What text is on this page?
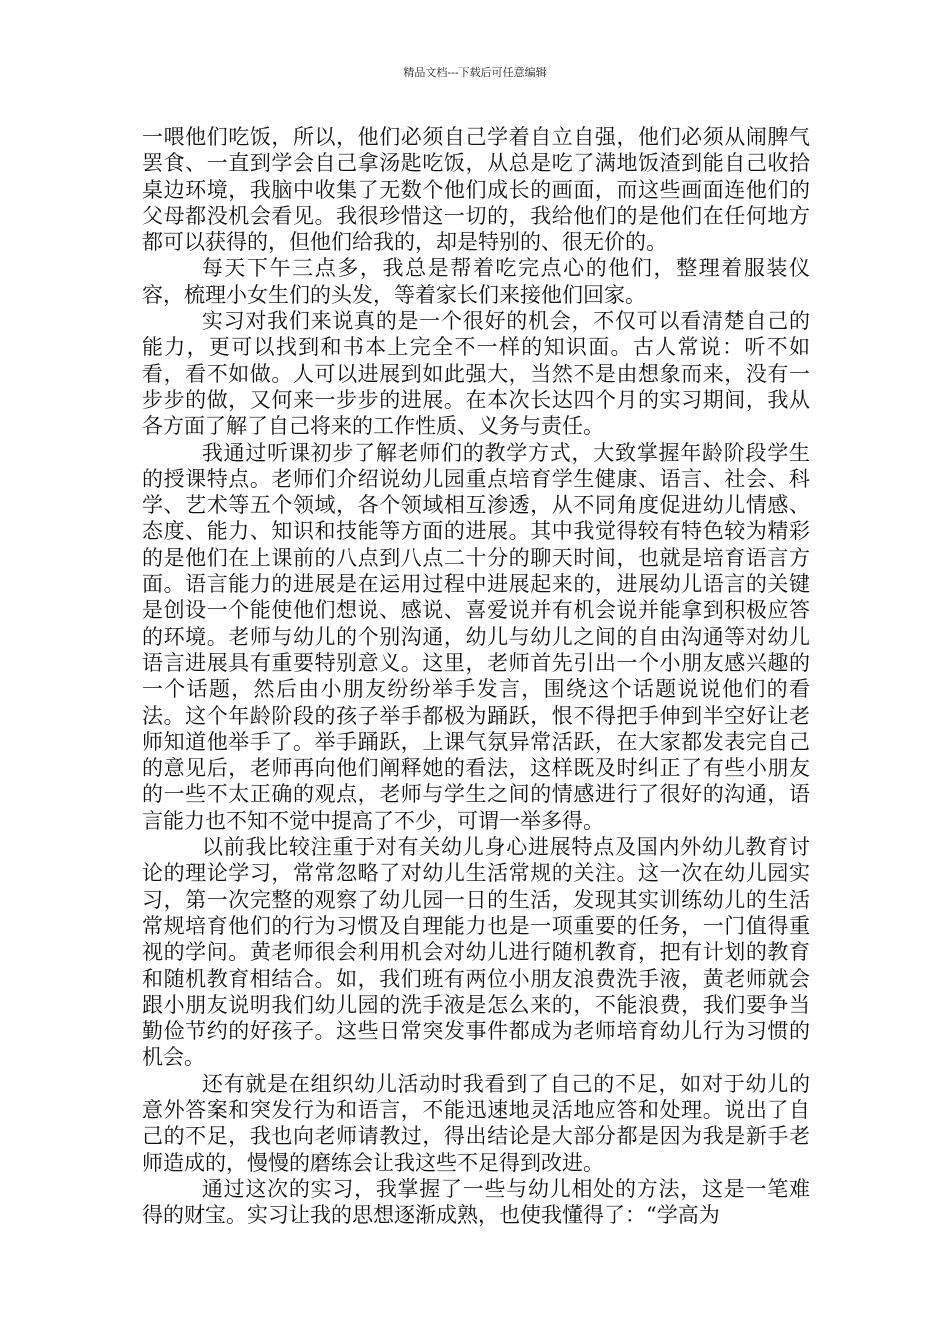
精品文档---下载后可任意编辑

一喂他们吃饭，所以，他们必须自己学着自立自强，他们必须从闹脾气罢食、一直到学会自己拿汤匙吃饭，从总是吃了满地饭渣到能自己收拾桌边环境，我脑中收集了无数个他们成长的画面，而这些画面连他们的父母都没机会看见。我很珍惜这一切的，我给他们的是他们在任何地方都可以获得的，但他们给我的，却是特别的、很无价的。

每天下午三点多，我总是帮着吃完点心的他们，整理着服装仪容，梳理小女生们的头发，等着家长们来接他们回家。

实习对我们来说真的是一个很好的机会，不仅可以看清楚自己的能力，更可以找到和书本上完全不一样的知识面。古人常说：听不如看，看不如做。人可以进展到如此强大，当然不是由想象而来，没有一步步的做，又何来一步步的进展。在本次长达四个月的实习期间，我从各方面了解了自己将来的工作性质、义务与责任。

我通过听课初步了解老师们的教学方式，大致掌握年龄阶段学生的授课特点。老师们介绍说幼儿园重点培育学生健康、语言、社会、科学、艺术等五个领域，各个领域相互渗透，从不同角度促进幼儿情感、态度、能力、知识和技能等方面的进展。其中我觉得较有特色较为精彩的是他们在上课前的八点到八点二十分的聊天时间，也就是培育语言方面。语言能力的进展是在运用过程中进展起来的，进展幼儿语言的关键是创设一个能使他们想说、感说、喜爱说并有机会说并能拿到积极应答的环境。老师与幼儿的个别沟通，幼儿与幼儿之间的自由沟通等对幼儿语言进展具有重要特别意义。这里，老师首先引出一个小朋友感兴趣的一个话题，然后由小朋友纷纷举手发言，围绕这个话题说说他们的看法。这个年龄阶段的孩子举手都极为踊跃，恨不得把手伸到半空好让老师知道他举手了。举手踊跃，上课气氛异常活跃，在大家都发表完自己的意见后，老师再向他们阐释她的看法，这样既及时纠正了有些小朋友的一些不太正确的观点，老师与学生之间的情感进行了很好的沟通，语言能力也不知不觉中提高了不少，可谓一举多得。

以前我比较注重于对有关幼儿身心进展特点及国内外幼儿教育讨论的理论学习，常常忽略了对幼儿生活常规的关注。这一次在幼儿园实习，第一次完整的观察了幼儿园一日的生活，发现其实训练幼儿的生活常规培育他们的行为习惯及自理能力也是一项重要的任务，一门值得重视的学问。黄老师很会利用机会对幼儿进行随机教育，把有计划的教育和随机教育相结合。如，我们班有两位小朋友浪费洗手液，黄老师就会跟小朋友说明我们幼儿园的洗手液是怎么来的，不能浪费，我们要争当勤俭节约的好孩子。这些日常突发事件都成为老师培育幼儿行为习惯的机会。

还有就是在组织幼儿活动时我看到了自己的不足，如对于幼儿的意外答案和突发行为和语言，不能迅速地灵活地应答和处理。说出了自己的不足，我也向老师请教过，得出结论是大部分都是因为我是新手老师造成的，慢慢的磨练会让我这些不足得到改进。

通过这次的实习，我掌握了一些与幼儿相处的方法，这是一笔难得的财宝。实习让我的思想逐渐成熟，也使我懂得了：“学高为
